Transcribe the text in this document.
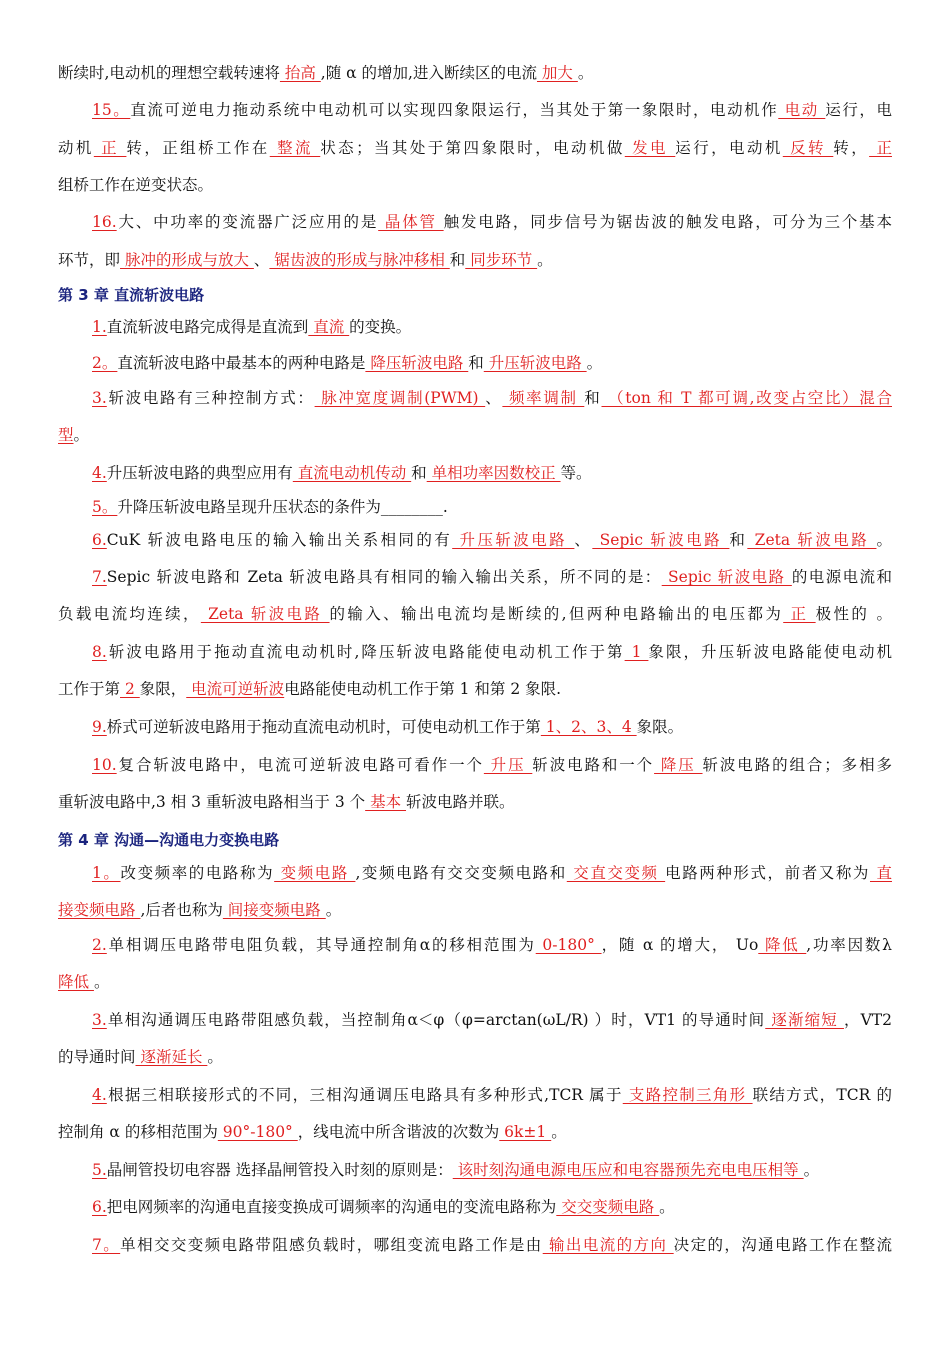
断续时,电动机的理想空载转速将 抬高 ,随 α 的增加,进入断续区的电流 加大 。
15。直流可逆电力拖动系统中电动机可以实现四象限运行，当其处于第一象限时，电动机作 电动 运行，电
动机 正 转，正组桥工作在 整流 状态；当其处于第四象限时，电动机做 发电 运行，电动机 反转 转， 正
组桥工作在逆变状态。
16.大、中功率的变流器广泛应用的是 晶体管 触发电路，同步信号为锯齿波的触发电路，可分为三个基本
环节，即 脉冲的形成与放大 、 锯齿波的形成与脉冲移相 和 同步环节 。
第 3 章 直流斩波电路
1.直流斩波电路完成得是直流到 直流 的变换。
2。直流斩波电路中最基本的两种电路是 降压斩波电路 和 升压斩波电路 。
3.斩波电路有三种控制方式： 脉冲宽度调制(PWM) 、 频率调制 和 （ton 和 T 都可调,改变占空比）混合
型。
4.升压斩波电路的典型应用有 直流电动机传动 和 单相功率因数校正 等。
5。升降压斩波电路呈现升压状态的条件为________.
6.CuK 斩波电路电压的输入输出关系相同的有 升压斩波电路 、 Sepic 斩波电路 和 Zeta 斩波电路 。
7.Sepic 斩波电路和 Zeta 斩波电路具有相同的输入输出关系，所不同的是： Sepic 斩波电路 的电源电流和
负载电流均连续， Zeta 斩波电路 的输入、输出电流均是断续的,但两种电路输出的电压都为 正 极性的 。
8.斩波电路用于拖动直流电动机时,降压斩波电路能使电动机工作于第 1 象限，升压斩波电路能使电动机
工作于第 2 象限， 电流可逆斩波电路能使电动机工作于第 1 和第 2 象限.
9.桥式可逆斩波电路用于拖动直流电动机时，可使电动机工作于第 1、2、3、4 象限。
10.复合斩波电路中，电流可逆斩波电路可看作一个 升压 斩波电路和一个 降压 斩波电路的组合；多相多
重斩波电路中,3 相 3 重斩波电路相当于 3 个 基本 斩波电路并联。
第 4 章 沟通—沟通电力变换电路
1。改变频率的电路称为 变频电路 ,变频电路有交交变频电路和 交直交变频 电路两种形式，前者又称为 直
接变频电路 ,后者也称为 间接变频电路 。
2.单相调压电路带电阻负载，其导通控制角α的移相范围为 0-180° ，随 α 的增大， Uo 降低 ,功率因数λ
降低 。
3.单相沟通调压电路带阻感负载，当控制角α＜φ（φ=arctan(ωL/R) ）时，VT1 的导通时间 逐渐缩短 ，VT2
的导通时间 逐渐延长 。
4.根据三相联接形式的不同，三相沟通调压电路具有多种形式,TCR 属于 支路控制三角形 联结方式，TCR 的
控制角 α 的移相范围为 90°-180° ，线电流中所含谐波的次数为 6k±1 。
5.晶闸管投切电容器 选择晶闸管投入时刻的原则是： 该时刻沟通电源电压应和电容器预先充电电压相等 。
6.把电网频率的沟通电直接变换成可调频率的沟通电的变流电路称为 交交变频电路 。
7。单相交交变频电路带阻感负载时，哪组变流电路工作是由 输出电流的方向 决定的，沟通电路工作在整流
